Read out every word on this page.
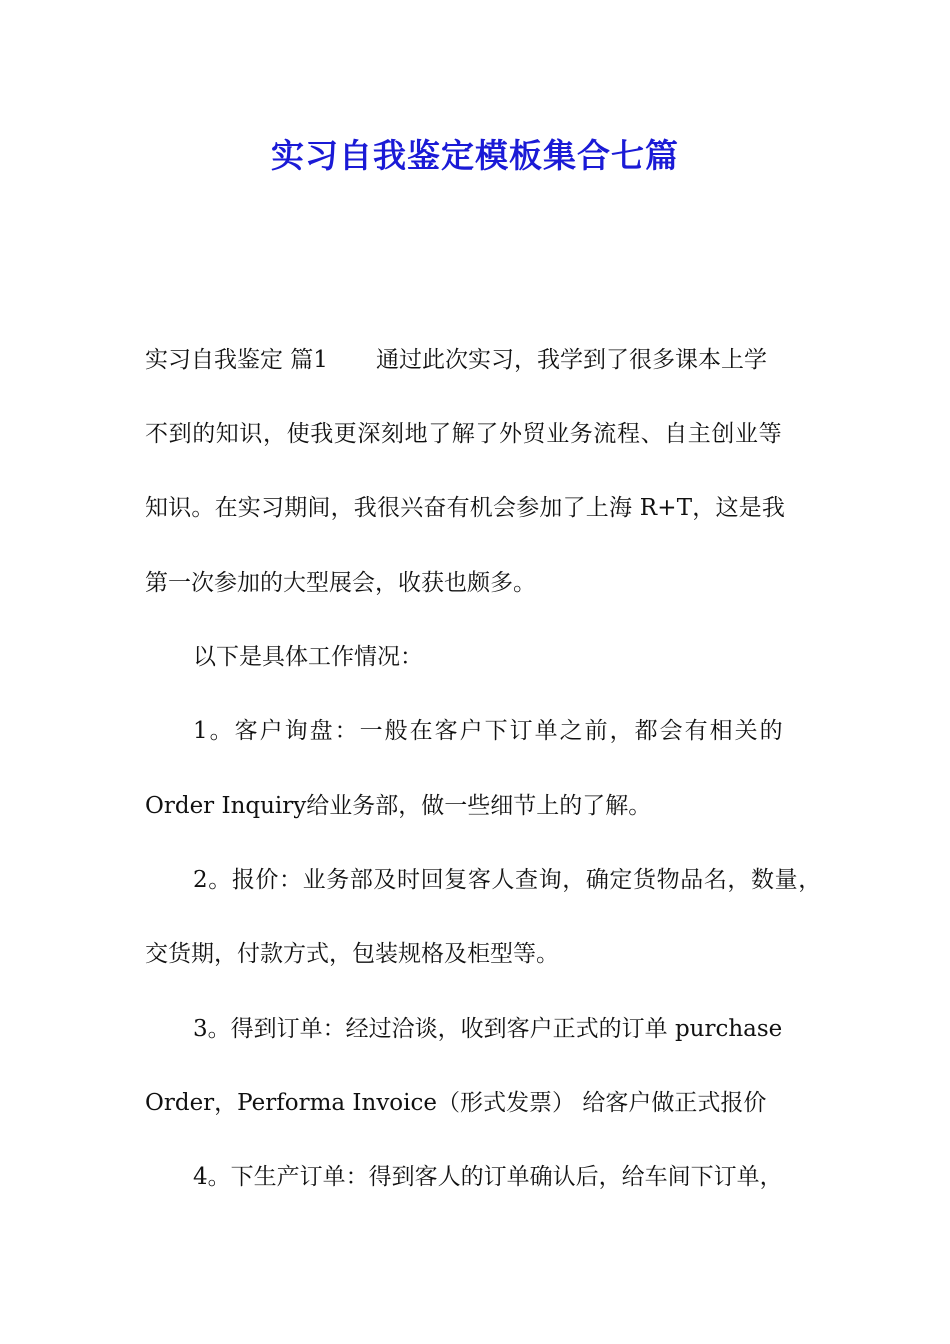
实习自我鉴定模板集合七篇
实习自我鉴定 篇1 通过此次实习，我学到了很多课本上学
不到的知识，使我更深刻地了解了外贸业务流程、自主创业等
知识。在实习期间，我很兴奋有机会参加了上海 R+T，这是我
第一次参加的大型展会，收获也颇多。
以下是具体工作情况：
1。客户询盘：一般在客户下订单之前，都会有相关的
Order Inquiry给业务部，做一些细节上的了解。
2。报价：业务部及时回复客人查询，确定货物品名，数量，
交货期，付款方式，包装规格及柜型等。
3。得到订单：经过洽谈，收到客户正式的订单 purchase
Order，Performa Invoice（形式发票） 给客户做正式报价
4。下生产订单：得到客人的订单确认后，给车间下订单，
